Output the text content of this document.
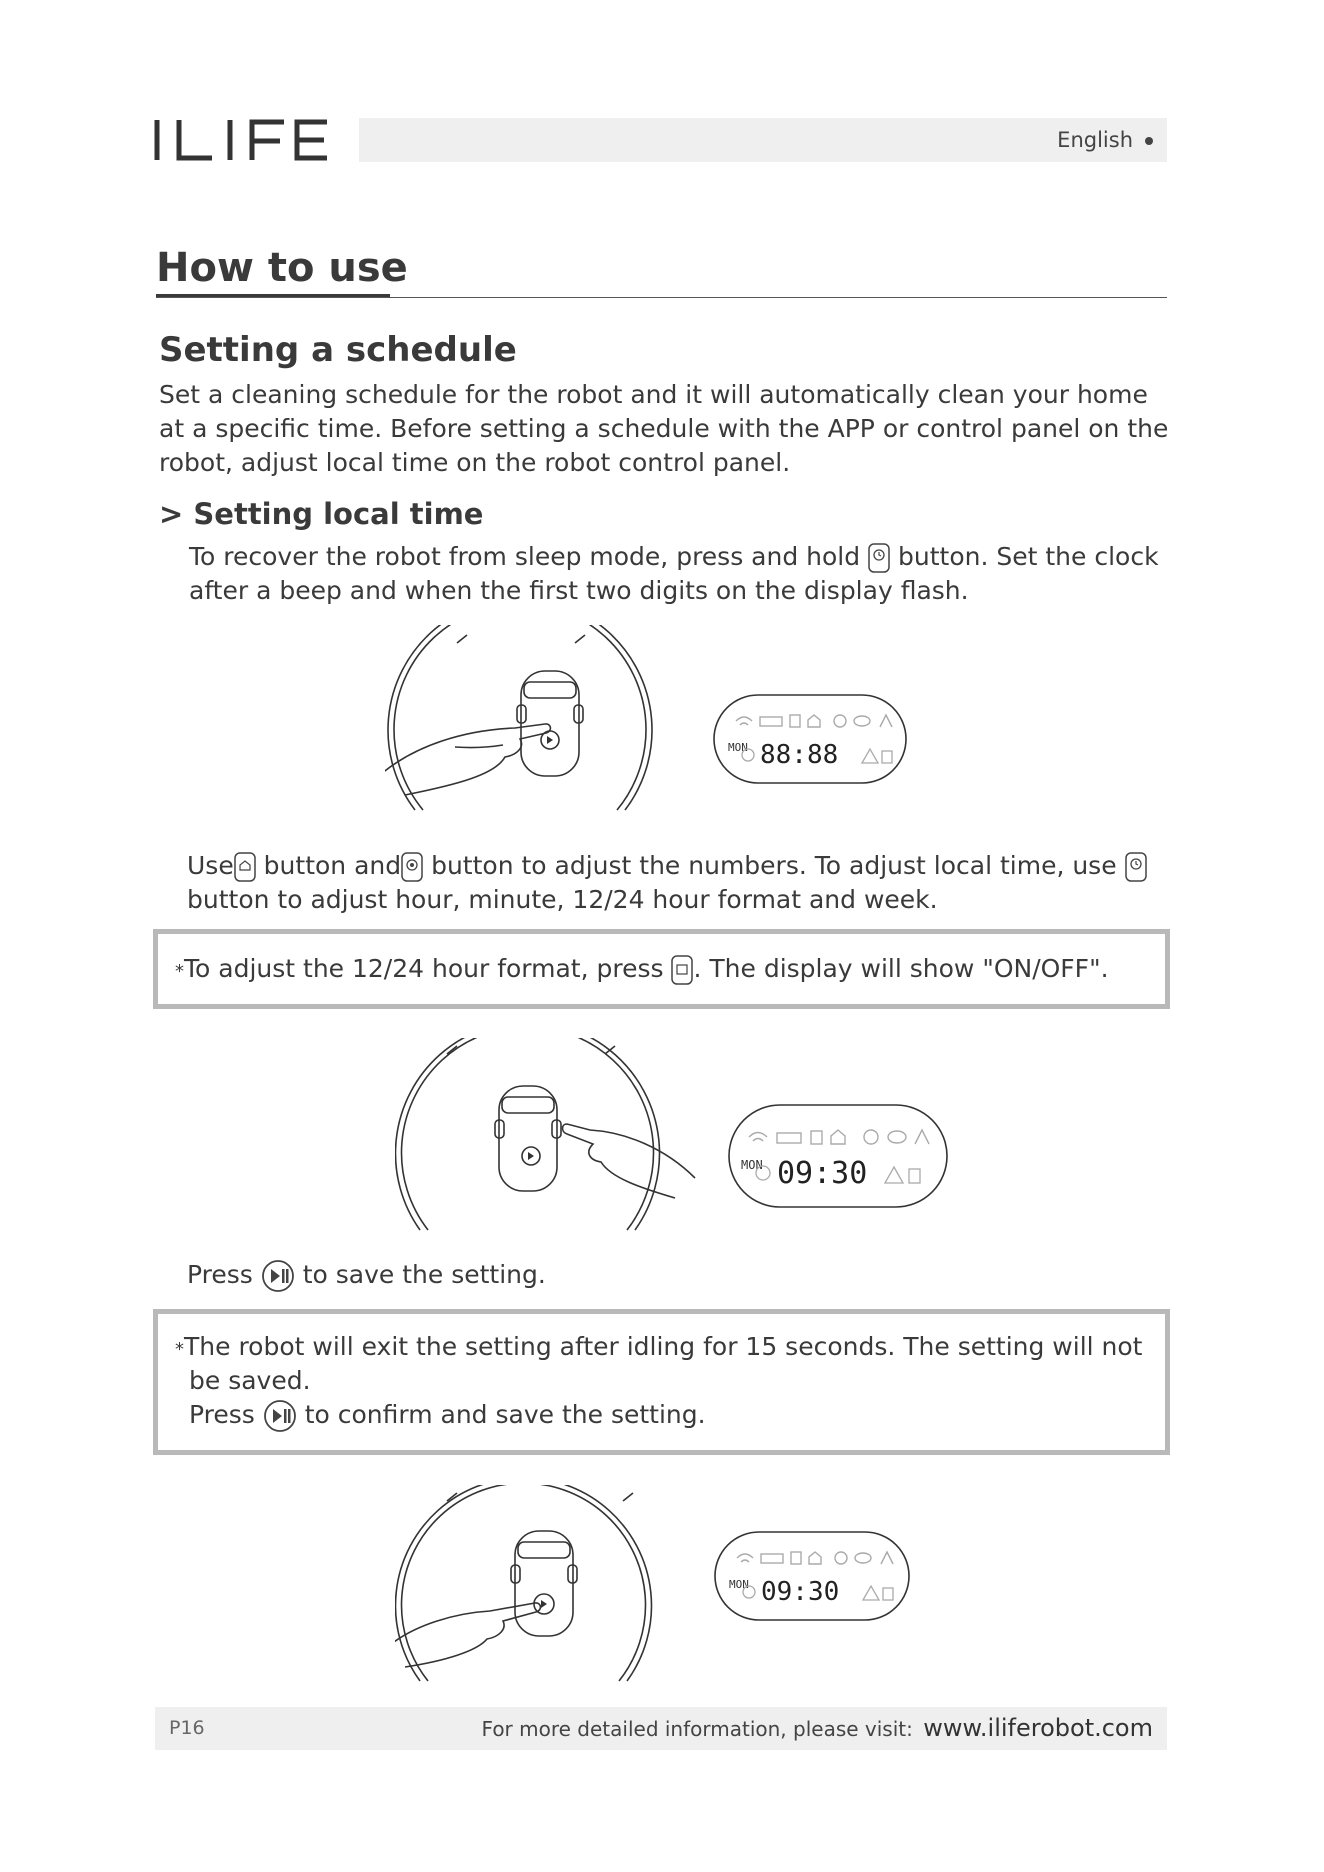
English
How to use
Setting a schedule
Set a cleaning schedule for the robot and it will automatically clean your home at a specific time. Before setting a schedule with the APP or control panel on the robot, adjust local time on the robot control panel.
> Setting local time
To recover the robot from sleep mode, press and hold button. Set the clock
after a beep and when the first two digits on the display flash.
MON 88:88
Use button and button to adjust the numbers. To adjust local time, use
button to adjust hour, minute, 12/24 hour format and week.
*To adjust the 12/24 hour format, press . The display will show "ON/OFF".
MON 09:30
Press to save the setting.
*The robot will exit the setting after idling for 15 seconds. The setting will not
be saved.
Press to confirm and save the setting.
MON 09:30
P16	For more detailed information, please visit: www.iliferobot.com
